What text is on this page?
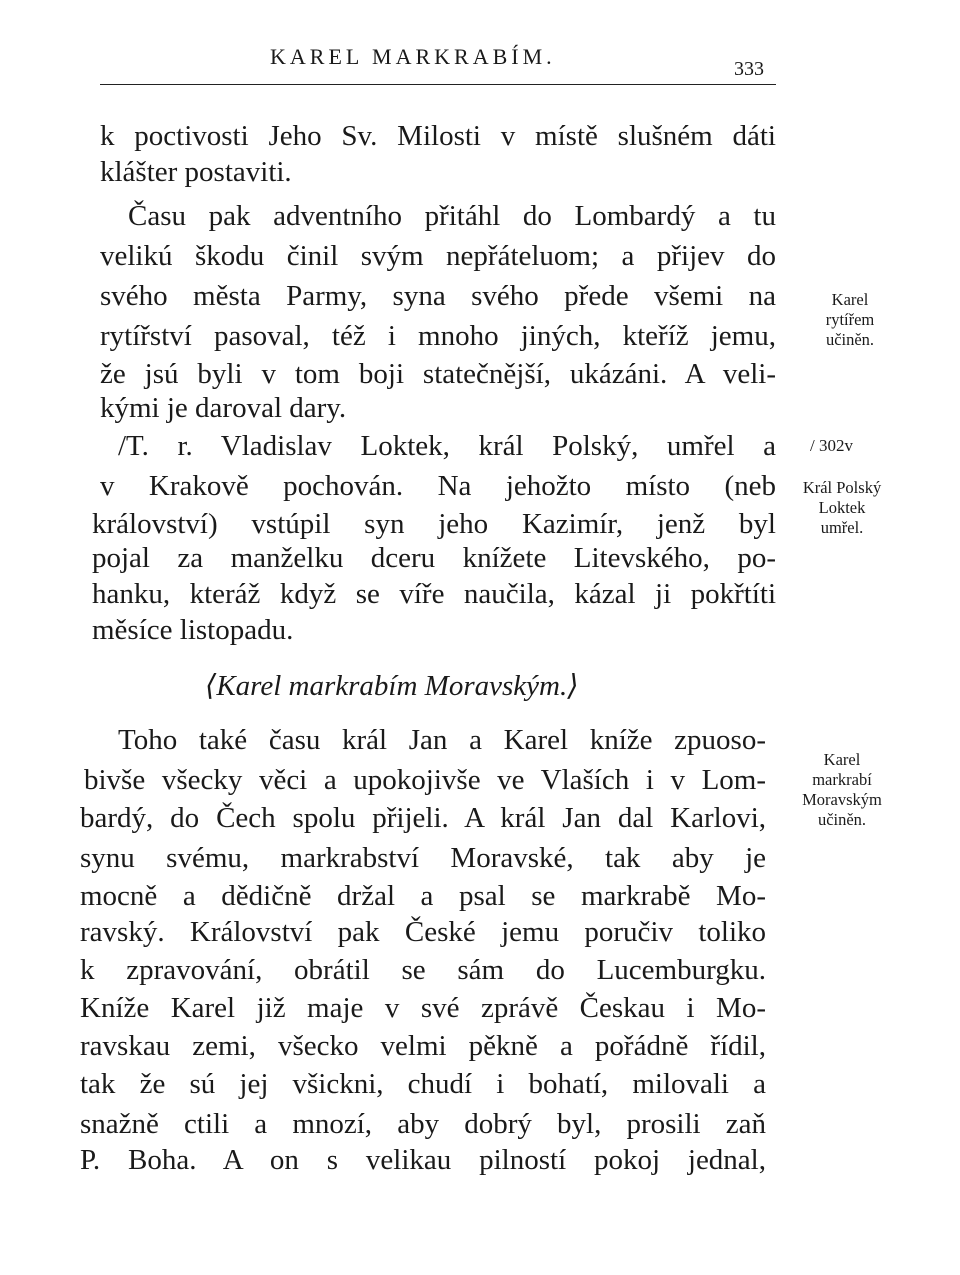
KAREL MARKRABÍM.	333

k poctivosti Jeho Sv. Milosti v místě slušném dáti

klášter postaviti.

Času pak adventního přitáhl do Lombardý a tu

velikú škodu činil svým nepřáteluom; a přijev do

svého města Parmy, syna svého přede všemi na

rytířství pasoval, též i mnoho jiných, kteříž jemu,

že jsú byli v tom boji statečnější, ukázáni. A veli-

kými je daroval dary.

/T. r. Vladislav Loktek, král Polský, umřel a

v Krakově pochován. Na jehožto místo (neb

království) vstúpil syn jeho Kazimír, jenž byl

pojal za manželku dceru knížete Litevského, po-

hanku, kteráž když se víře naučila, kázal ji pokřtíti

měsíce listopadu.

⟨Karel markrabím Moravským.⟩

Toho také času král Jan a Karel kníže zpuoso-

bivše všecky věci a upokojivše ve Vlaších i v Lom-

bardý, do Čech spolu přijeli. A král Jan dal Karlovi,

synu svému, markrabství Moravské, tak aby je

mocně a dědičně držal a psal se markrabě Mo-

ravský. Království pak České jemu poručiv toliko

k zpravování, obrátil se sám do Lucemburgku.

Kníže Karel již maje v své zprávě Českau i Mo-

ravskau zemi, všecko velmi pěkně a pořádně řídil,

tak že sú jej všickni, chudí i bohatí, milovali a

snažně ctili a mnozí, aby dobrý byl, prosili zaň

P. Boha. A on s velikau pilností pokoj jednal,

Karel
rytířem
učiněn.
/ 302v
Král Polský
Loktek
umřel.
Karel
markrabí
Moravským
učiněn.
